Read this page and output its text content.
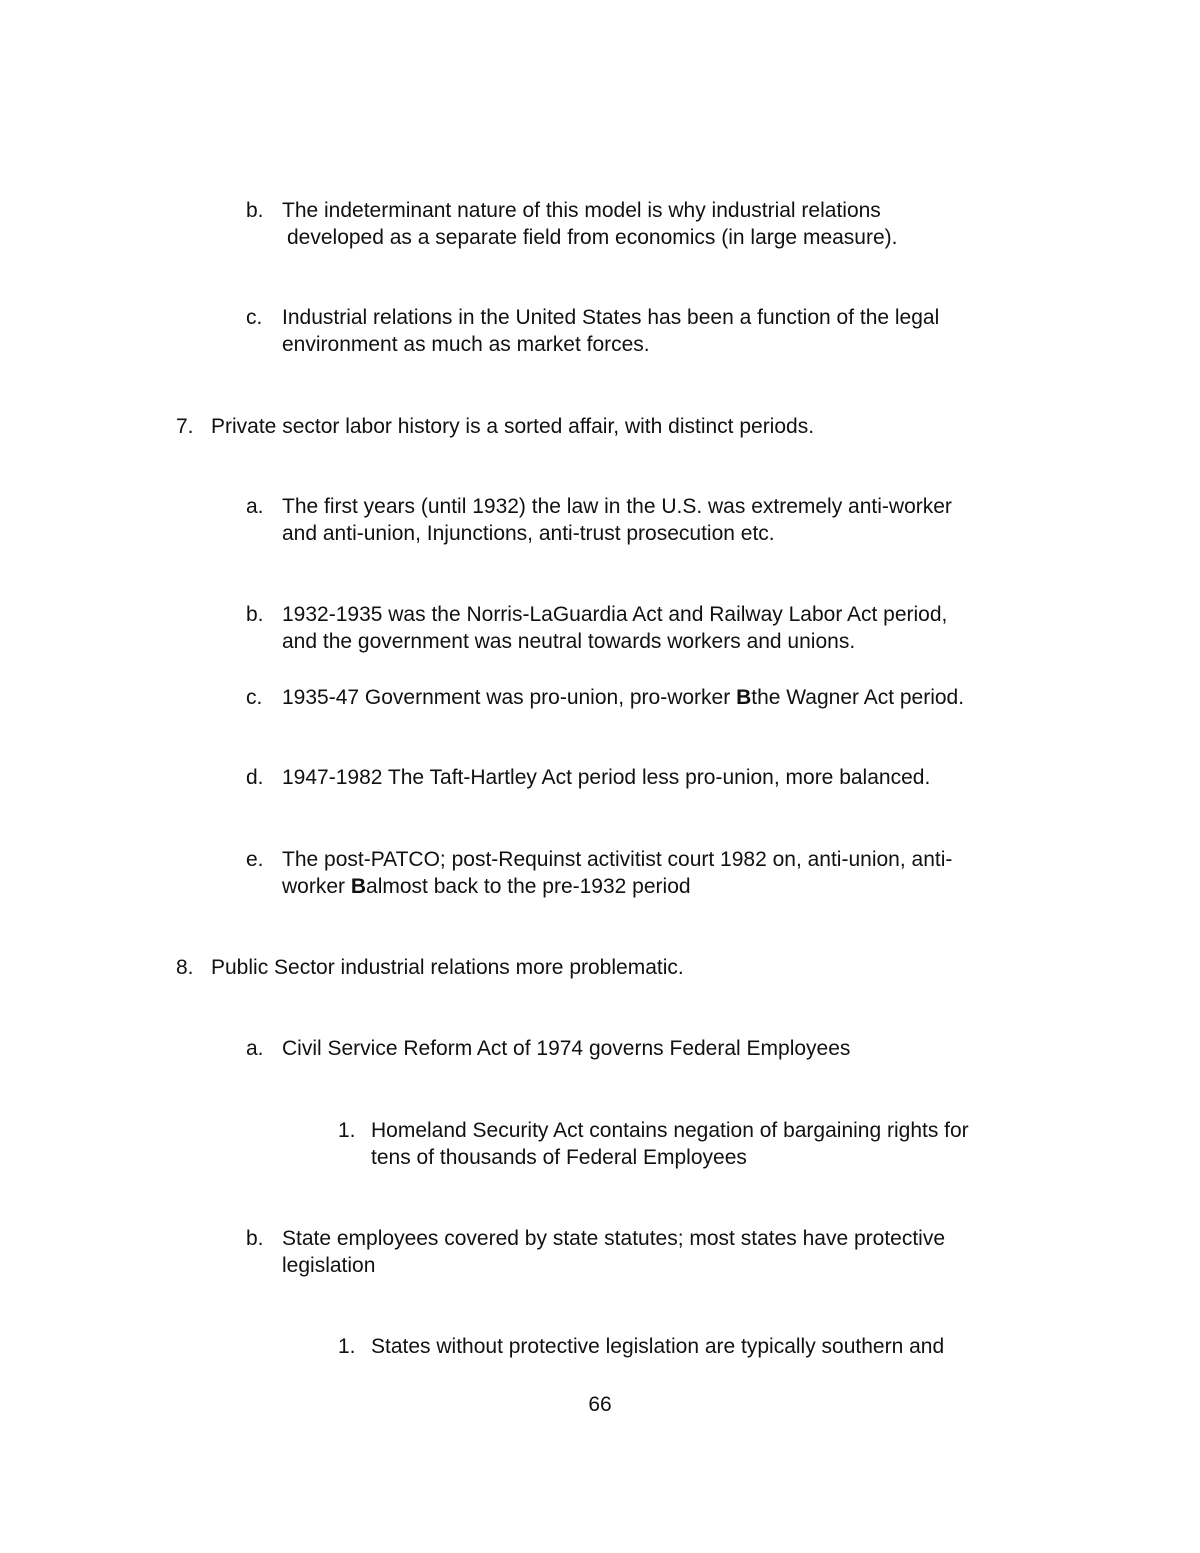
b. The indeterminant nature of this model is why industrial relations
developed as a separate field from economics (in large measure).
c. Industrial relations in the United States has been a function of the legal
environment as much as market forces.
7. Private sector labor history is a sorted affair, with distinct periods.
a. The first years (until 1932) the law in the U.S. was extremely anti-worker
and anti-union, Injunctions, anti-trust prosecution etc.
b. 1932-1935 was the Norris-LaGuardia Act and Railway Labor Act period,
and the government was neutral towards workers and unions.
c. 1935-47 Government was pro-union, pro-worker Bthe Wagner Act period.
d. 1947-1982 The Taft-Hartley Act period less pro-union, more balanced.
e. The post-PATCO; post-Requinst activitist court 1982 on, anti-union, anti-
worker Balmost back to the pre-1932 period
8. Public Sector industrial relations more problematic.
a. Civil Service Reform Act of 1974 governs Federal Employees
1. Homeland Security Act contains negation of bargaining rights for
tens of thousands of Federal Employees
b. State employees covered by state statutes; most states have protective
legislation
1. States without protective legislation are typically southern and
66
